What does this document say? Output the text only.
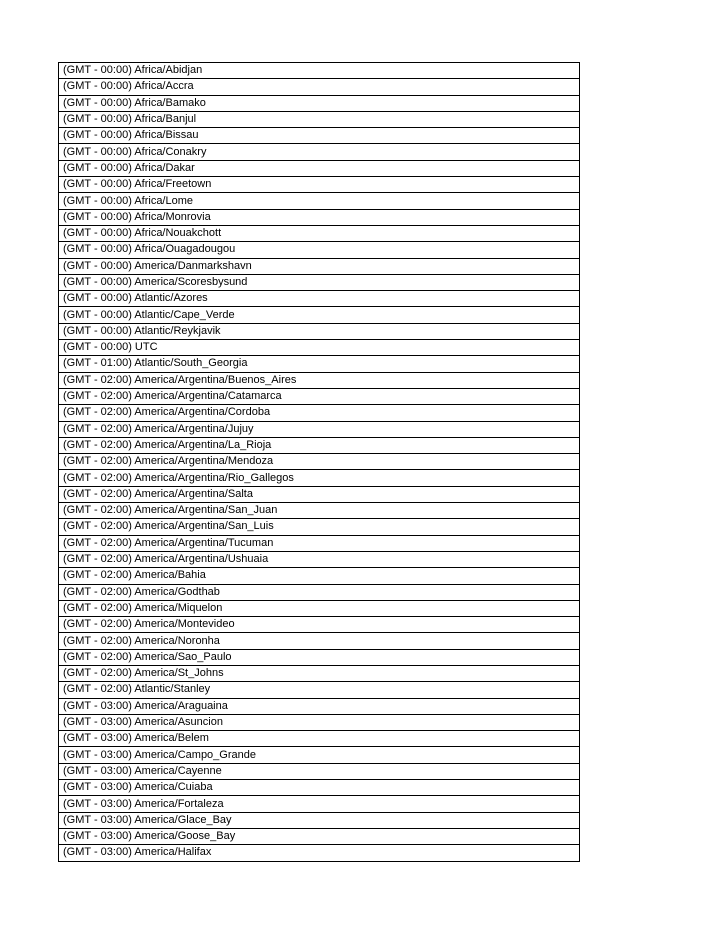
(GMT - 00:00) Africa/Abidjan
(GMT - 00:00) Africa/Accra
(GMT - 00:00) Africa/Bamako
(GMT - 00:00) Africa/Banjul
(GMT - 00:00) Africa/Bissau
(GMT - 00:00) Africa/Conakry
(GMT - 00:00) Africa/Dakar
(GMT - 00:00) Africa/Freetown
(GMT - 00:00) Africa/Lome
(GMT - 00:00) Africa/Monrovia
(GMT - 00:00) Africa/Nouakchott
(GMT - 00:00) Africa/Ouagadougou
(GMT - 00:00) America/Danmarkshavn
(GMT - 00:00) America/Scoresbysund
(GMT - 00:00) Atlantic/Azores
(GMT - 00:00) Atlantic/Cape_Verde
(GMT - 00:00) Atlantic/Reykjavik
(GMT - 00:00) UTC
(GMT - 01:00) Atlantic/South_Georgia
(GMT - 02:00) America/Argentina/Buenos_Aires
(GMT - 02:00) America/Argentina/Catamarca
(GMT - 02:00) America/Argentina/Cordoba
(GMT - 02:00) America/Argentina/Jujuy
(GMT - 02:00) America/Argentina/La_Rioja
(GMT - 02:00) America/Argentina/Mendoza
(GMT - 02:00) America/Argentina/Rio_Gallegos
(GMT - 02:00) America/Argentina/Salta
(GMT - 02:00) America/Argentina/San_Juan
(GMT - 02:00) America/Argentina/San_Luis
(GMT - 02:00) America/Argentina/Tucuman
(GMT - 02:00) America/Argentina/Ushuaia
(GMT - 02:00) America/Bahia
(GMT - 02:00) America/Godthab
(GMT - 02:00) America/Miquelon
(GMT - 02:00) America/Montevideo
(GMT - 02:00) America/Noronha
(GMT - 02:00) America/Sao_Paulo
(GMT - 02:00) America/St_Johns
(GMT - 02:00) Atlantic/Stanley
(GMT - 03:00) America/Araguaina
(GMT - 03:00) America/Asuncion
(GMT - 03:00) America/Belem
(GMT - 03:00) America/Campo_Grande
(GMT - 03:00) America/Cayenne
(GMT - 03:00) America/Cuiaba
(GMT - 03:00) America/Fortaleza
(GMT - 03:00) America/Glace_Bay
(GMT - 03:00) America/Goose_Bay
(GMT - 03:00) America/Halifax
